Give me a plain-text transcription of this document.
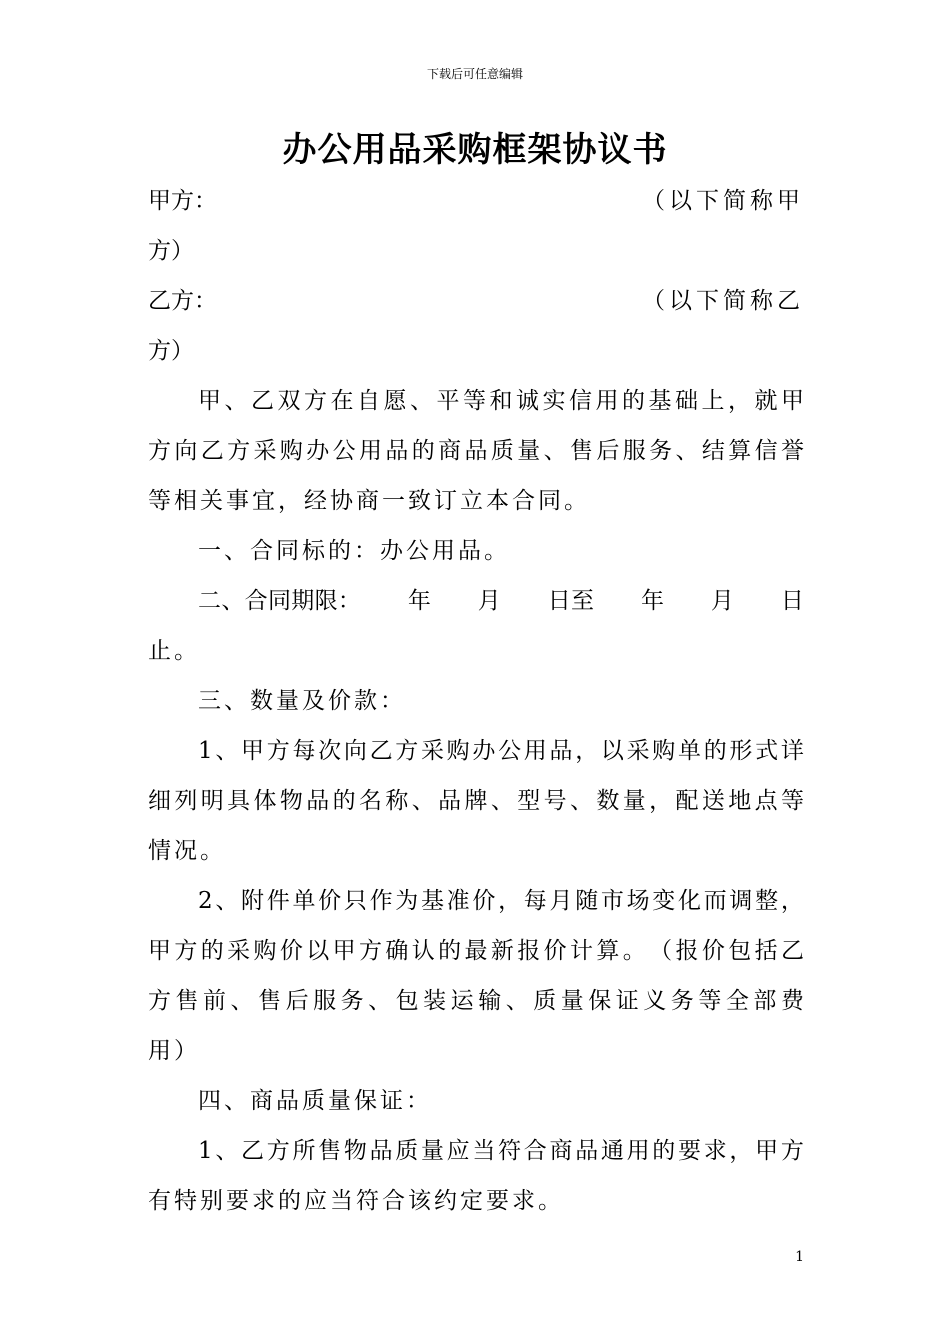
下载后可任意编辑
办公用品采购框架协议书
甲方：	（以下简称甲
方）
乙方：	（以下简称乙
方）
甲 、 乙 双 方 在 自 愿 、 平 等 和 诚 实 信 用 的 基 础 上 ， 就 甲
方 向 乙 方 采 购 办 公 用 品 的 商 品 质 量 、 售 后 服 务 、 结 算 信 誉
等相关事宜，经协商一致订立本合同。
一、合同标的：办公用品。
二 、 合 同 期 限 ：

　 年

　 月

　 日 至

　 年

　 月

　 日
止。
三、数量及价款：
1 、 甲 方 每 次 向 乙 方 采 购 办 公 用 品 ， 以 采 购 单 的 形 式 详
细 列 明 具 体 物 品 的 名 称 、 品 牌 、 型 号 、 数 量 ， 配 送 地 点 等
情况。
2 、 附 件 单 价 只 作 为 基 准 价 ， 每 月 随 市 场 变 化 而 调 整 ，
甲 方 的 采 购 价 以 甲 方 确 认 的 最 新 报 价 计 算 。 （ 报 价 包 括 乙
方 售 前 、 售 后 服 务 、 包 装 运 输 、 质 量 保 证 义 务 等 全 部 费
用）
四、商品质量保证：
1 、 乙 方 所 售 物 品 质 量 应 当 符 合 商 品 通 用 的 要 求 ， 甲 方
有特别要求的应当符合该约定要求。
1
